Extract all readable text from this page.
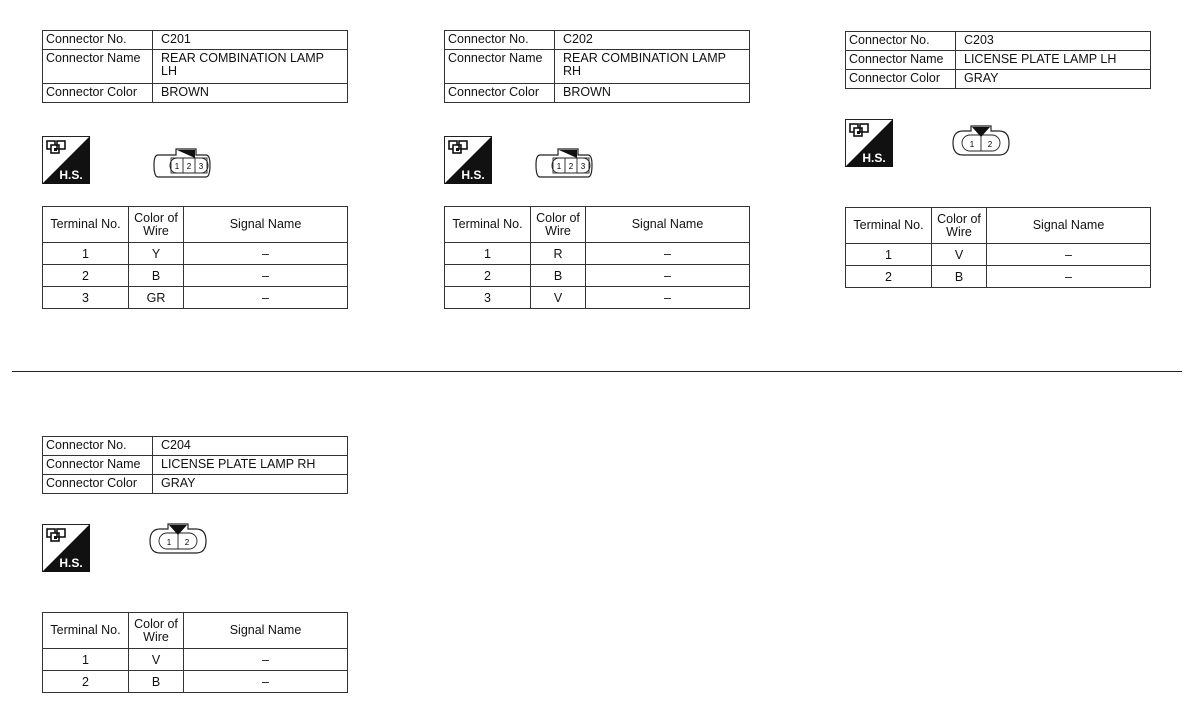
Connector No.	C201
Connector Name	REAR COMBINATION LAMP
LH

Connector Color	BROWN
H.S.
1 2 3
Terminal No.	Color of Wire	Signal Name
1	Y	–
2	B	–
3	GR	–
Connector No.	C202
Connector Name	REAR COMBINATION LAMP
RH

Connector Color	BROWN
H.S.
1 2 3
Terminal No.	Color of Wire	Signal Name
1	R	–
2	B	–
3	V	–
Connector No.	C203
Connector Name	LICENSE PLATE LAMP LH

Connector Color	GRAY
H.S.
1 2
Terminal No.	Color of Wire	Signal Name
1	V	–
2	B	–
Connector No.	C204
Connector Name	LICENSE PLATE LAMP RH

Connector Color	GRAY
H.S.
1 2
Terminal No.	Color of Wire	Signal Name
1	V	–
2	B	–
